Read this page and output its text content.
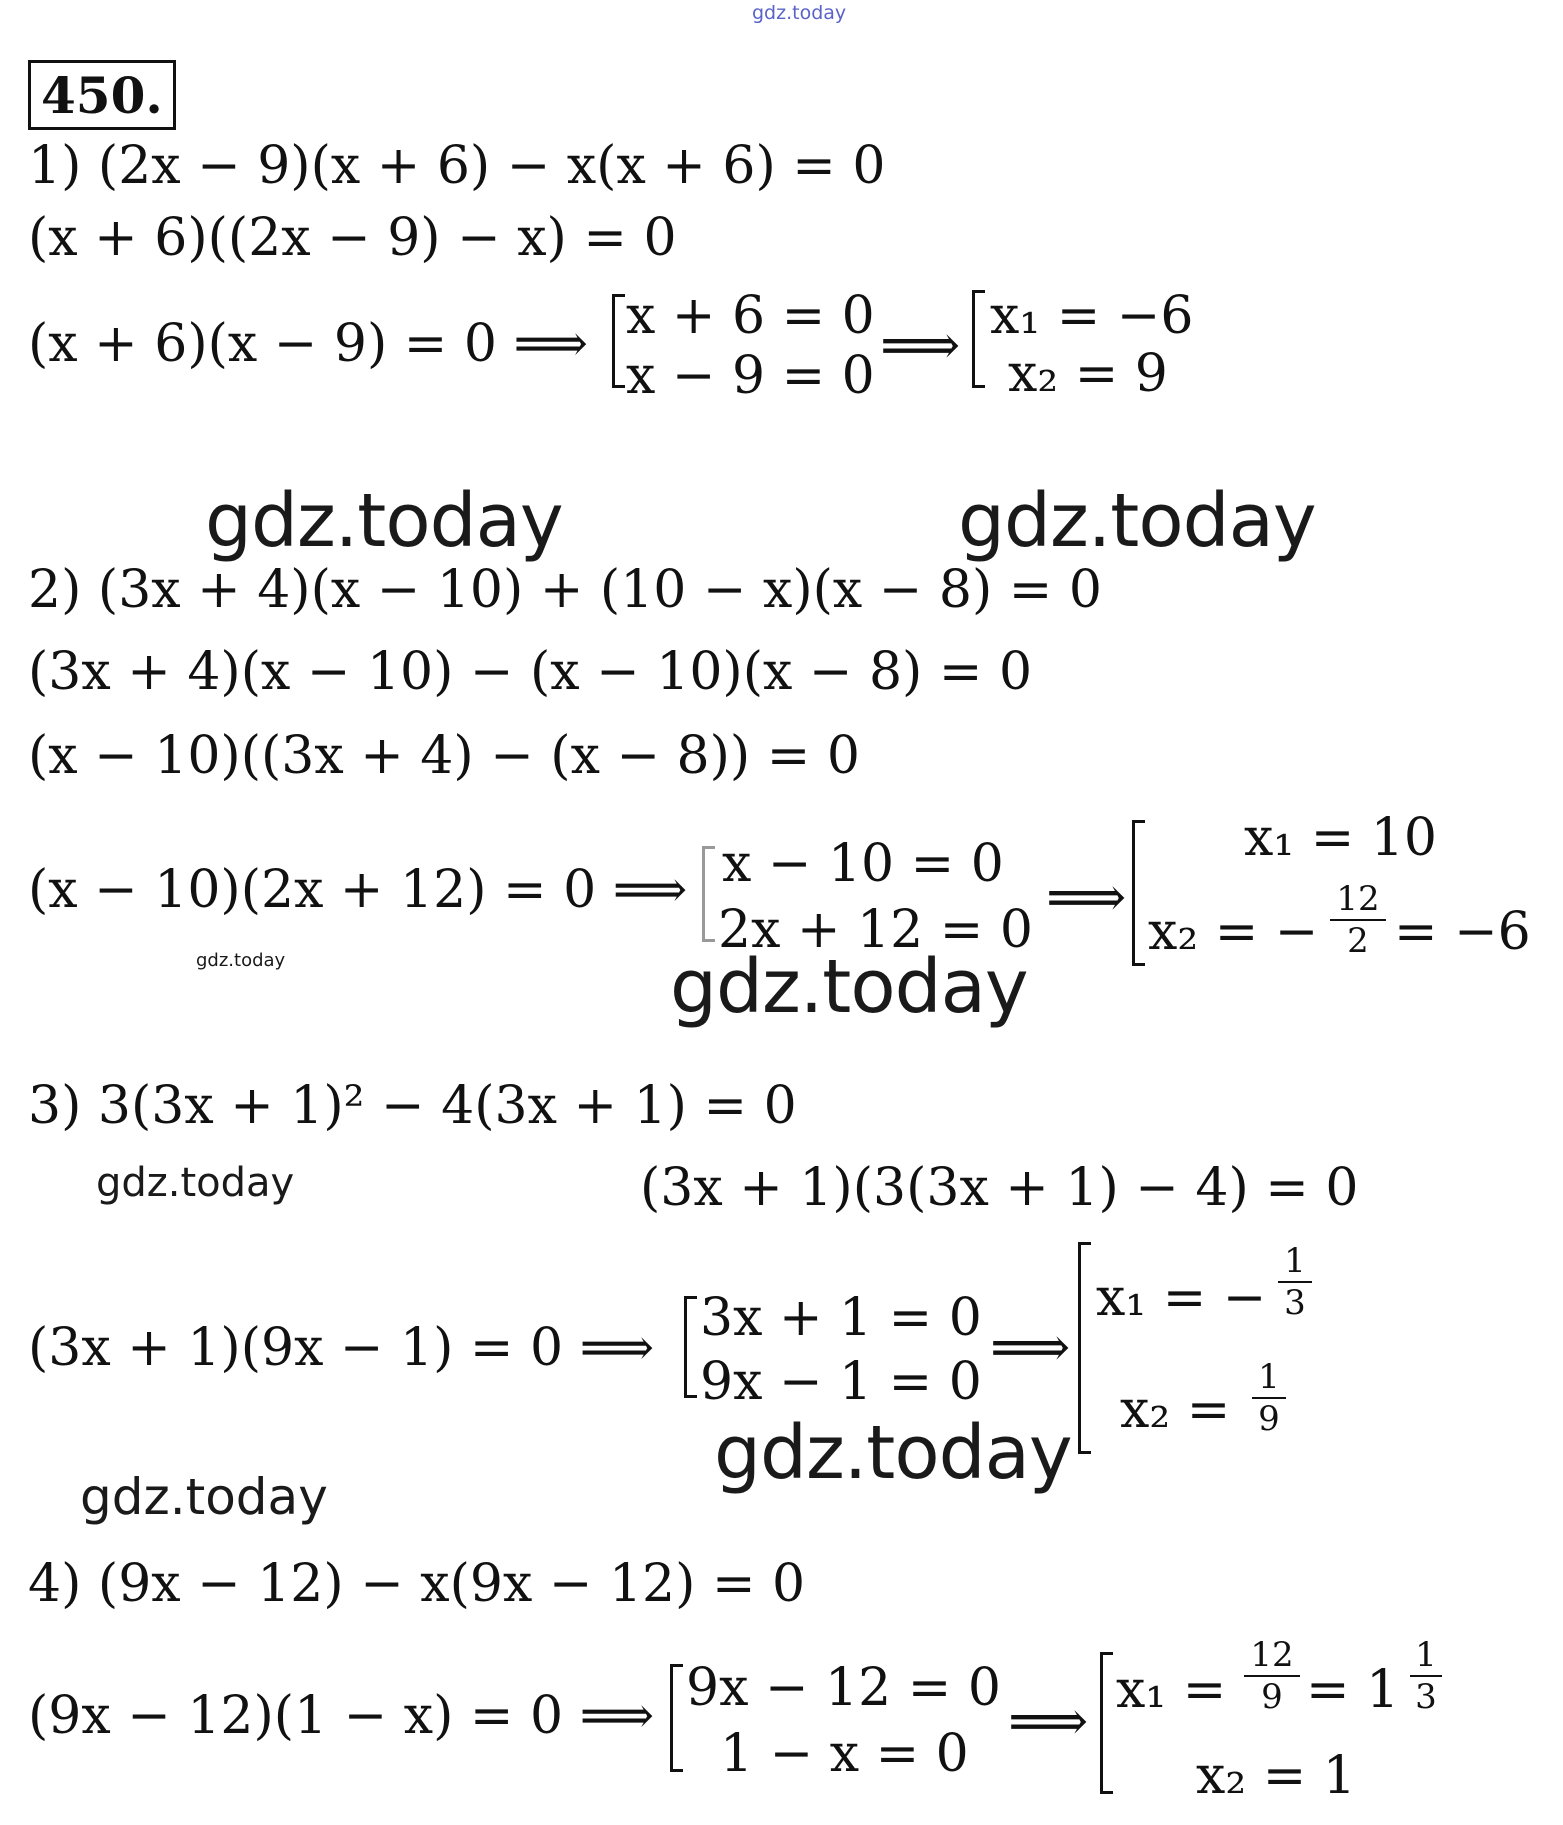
gdz.today
450.
1) (2x − 9)(x + 6) − x(x + 6) = 0
(x + 6)((2x − 9) − x) = 0
(x + 6)(x − 9) = 0 ⟹ x + 6 = 0
x − 9 = 0 ⟹ x₁ = −6
x₂ = 9
gdz.today	gdz.today
2) (3x + 4)(x − 10) + (10 − x)(x − 8) = 0
(3x + 4)(x − 10) − (x − 10)(x − 8) = 0
(x − 10)((3x + 4) − (x − 8)) = 0
(x − 10)(2x + 12) = 0 ⟹ x − 10 = 0
2x + 12 = 0 ⟹
x₁ = 10
x₂ = −
12
2 = −6
gdz.today	gdz.today
3) 3(3x + 1)² − 4(3x + 1) = 0
gdz.today	(3x + 1)(3(3x + 1) − 4) = 0
(3x + 1)(9x − 1) = 0 ⟹ 3x + 1 = 0
9x − 1 = 0
⟹
x₁ = −
1
3
x₂ =
1
9
gdz.today
gdz.today
4) (9x − 12) − x(9x − 12) = 0
(9x − 12)(1 − x) = 0 ⟹ 9x − 12 = 0
1 − x = 0 ⟹ x₁ =
12
9 = 1
1
3
x₂ = 1
